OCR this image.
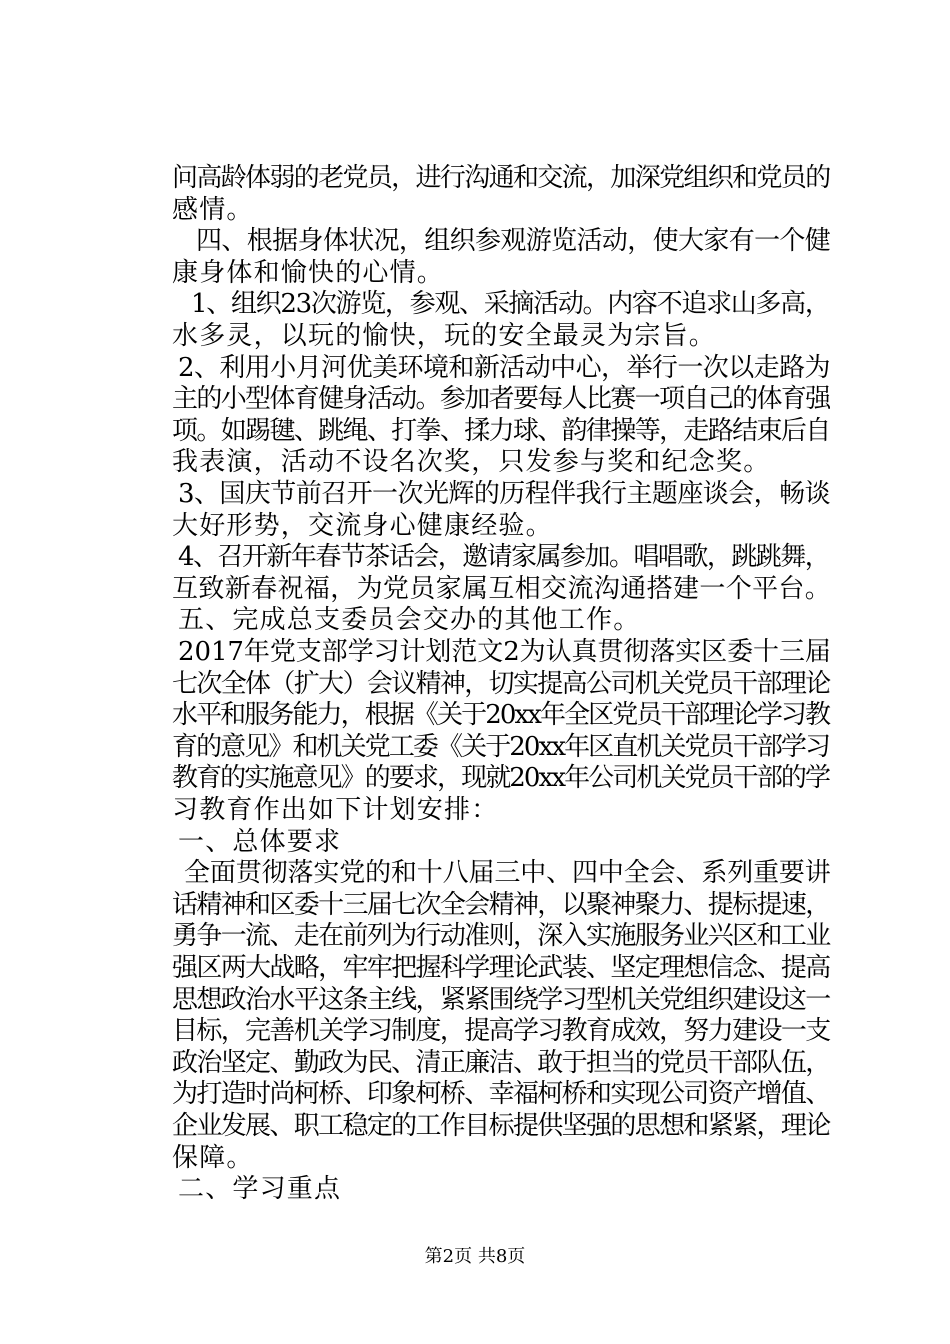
问高龄体弱的老党员，进行沟通和交流，加深党组织和党员的
感情。
四、根据身体状况，组织参观游览活动，使大家有一个健
康身体和愉快的心情。
1、组织23次游览，参观、采摘活动。内容不追求山多高，
水多灵，以玩的愉快，玩的安全最灵为宗旨。
2、利用小月河优美环境和新活动中心，举行一次以走路为
主的小型体育健身活动。参加者要每人比赛一项自己的体育强
项。如踢毽、跳绳、打拳、揉力球、韵律操等，走路结束后自
我表演，活动不设名次奖，只发参与奖和纪念奖。
3、国庆节前召开一次光辉的历程伴我行主题座谈会，畅谈
大好形势，交流身心健康经验。
4、召开新年春节茶话会，邀请家属参加。唱唱歌，跳跳舞，
互致新春祝福，为党员家属互相交流沟通搭建一个平台。
五、完成总支委员会交办的其他工作。
2017年党支部学习计划范文2为认真贯彻落实区委十三届
七次全体（扩大）会议精神，切实提高公司机关党员干部理论
水平和服务能力，根据《关于20xx年全区党员干部理论学习教
育的意见》和机关党工委《关于20xx年区直机关党员干部学习
教育的实施意见》的要求，现就20xx年公司机关党员干部的学
习教育作出如下计划安排：
一、总体要求
全面贯彻落实党的和十八届三中、四中全会、系列重要讲
话精神和区委十三届七次全会精神，以聚神聚力、提标提速，
勇争一流、走在前列为行动准则，深入实施服务业兴区和工业
强区两大战略，牢牢把握科学理论武装、坚定理想信念、提高
思想政治水平这条主线，紧紧围绕学习型机关党组织建设这一
目标，完善机关学习制度，提高学习教育成效，努力建设一支
政治坚定、勤政为民、清正廉洁、敢于担当的党员干部队伍，
为打造时尚柯桥、印象柯桥、幸福柯桥和实现公司资产增值、
企业发展、职工稳定的工作目标提供坚强的思想和紧紧，理论
保障。
二、学习重点
第2页 共8页
